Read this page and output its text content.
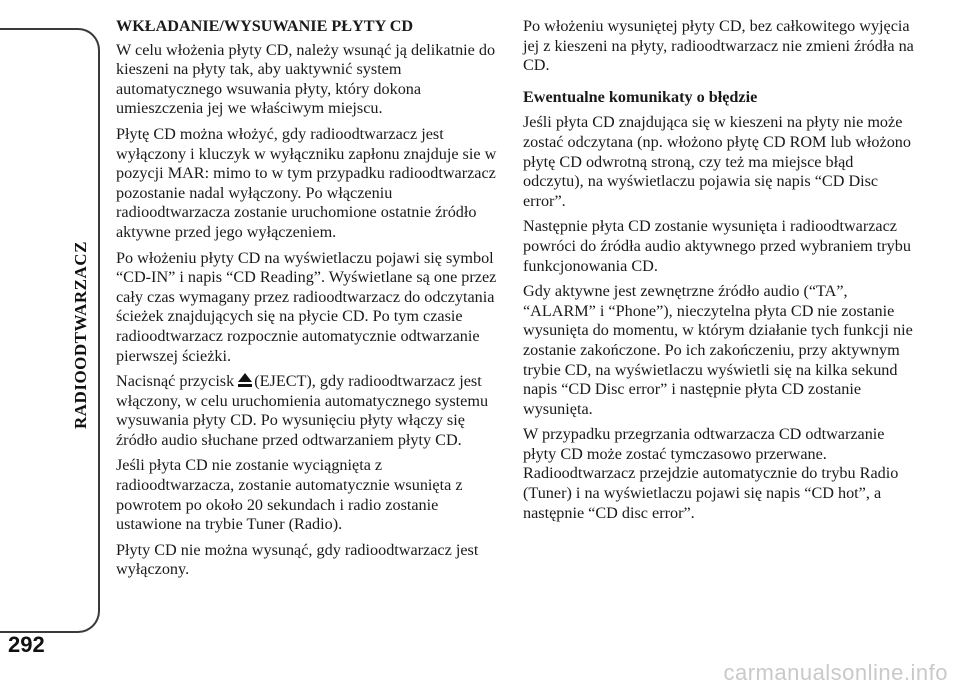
RADIOODTWARZACZ
292
WKŁADANIE/WYSUWANIE PŁYTY CD

W celu włożenia płyty CD, należy wsunąć ją delikatnie do kieszeni na płyty tak, aby uaktywnić system automatycznego wsuwania płyty, który dokona umieszczenia jej we właściwym miejscu.

Płytę CD można włożyć, gdy radioodtwarzacz jest wyłączony i kluczyk w wyłączniku zapłonu znajduje sie w pozycji MAR: mimo to w tym przypadku radioodtwarzacz pozostanie nadal wyłączony. Po włączeniu radioodtwarzacza zostanie uruchomione ostatnie źródło aktywne przed jego wyłączeniem.

Po włożeniu płyty CD na wyświetlaczu pojawi się symbol “CD-IN” i napis “CD Reading”. Wyświetlane są one przez cały czas wymagany przez radioodtwarzacz do odczytania ścieżek znajdujących się na płycie CD. Po tym czasie radioodtwarzacz rozpocznie automatycznie odtwarzanie pierwszej ścieżki.

Nacisnąć przycisk (EJECT), gdy radioodtwarzacz jest włączony, w celu uruchomienia automatycznego systemu wysuwania płyty CD. Po wysunięciu płyty włączy się źródło audio słuchane przed odtwarzaniem płyty CD.

Jeśli płyta CD nie zostanie wyciągnięta z radioodtwarzacza, zostanie automatycznie wsunięta z powrotem po około 20 sekundach i radio zostanie ustawione na trybie Tuner (Radio).

Płyty CD nie można wysunąć, gdy radioodtwarzacz jest wyłączony.

Po włożeniu wysuniętej płyty CD, bez całkowitego wyjęcia jej z kieszeni na płyty, radioodtwarzacz nie zmieni źródła na CD.

Ewentualne komunikaty o błędzie

Jeśli płyta CD znajdująca się w kieszeni na płyty nie może zostać odczytana (np. włożono płytę CD ROM lub włożono płytę CD odwrotną stroną, czy też ma miejsce błąd odczytu), na wyświetlaczu pojawia się napis “CD Disc error”.

Następnie płyta CD zostanie wysunięta i radioodtwarzacz powróci do źródła audio aktywnego przed wybraniem trybu funkcjonowania CD.

Gdy aktywne jest zewnętrzne źródło audio (“TA”, “ALARM” i “Phone”), nieczytelna płyta CD nie zostanie wysunięta do momentu, w którym działanie tych funkcji nie zostanie zakończone. Po ich zakończeniu, przy aktywnym trybie CD, na wyświetlaczu wyświetli się na kilka sekund napis “CD Disc error” i następnie płyta CD zostanie wysunięta.

W przypadku przegrzania odtwarzacza CD odtwarzanie płyty CD może zostać tymczasowo przerwane. Radioodtwarzacz przejdzie automatycznie do trybu Radio (Tuner) i na wyświetlaczu pojawi się napis “CD hot”, a następnie “CD disc error”.

carmanualsonline.info
